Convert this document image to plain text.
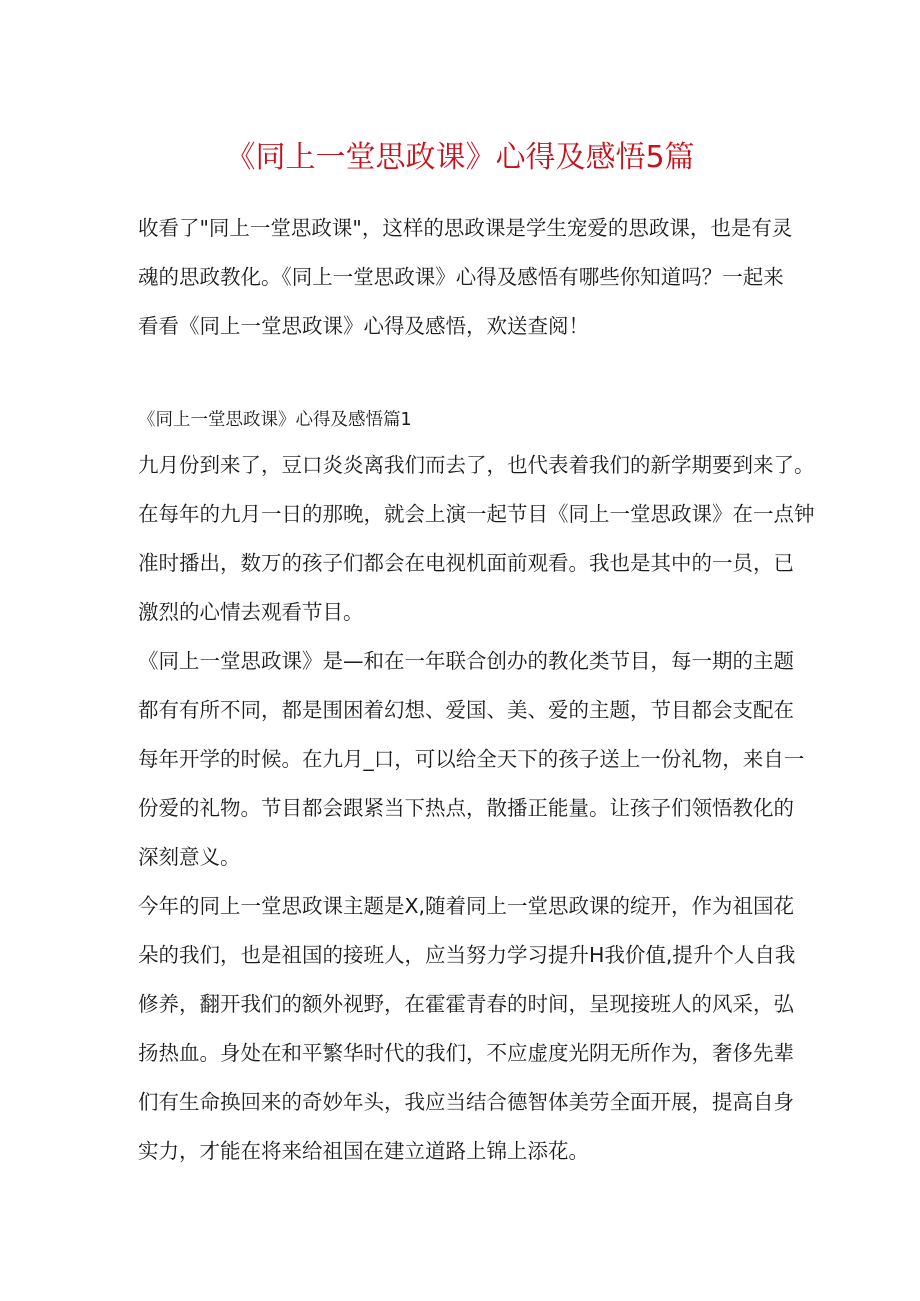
《同上一堂思政课》心得及感悟5篇
收看了"同上一堂思政课"，这样的思政课是学生宠爱的思政课，也是有灵
魂的思政教化。《同上一堂思政课》心得及感悟有哪些你知道吗？一起来
看看《同上一堂思政课》心得及感悟，欢送查阅！
《同上一堂思政课》心得及感悟篇1
九月份到来了，豆口炎炎离我们而去了，也代表着我们的新学期要到来了。
在每年的九月一日的那晚，就会上演一起节目《同上一堂思政课》在一点钟
准时播出，数万的孩子们都会在电视机面前观看。我也是其中的一员，已
激烈的心情去观看节目。
《同上一堂思政课》是—和在一年联合创办的教化类节目，每一期的主题
都有有所不同，都是围困着幻想、爱国、美、爱的主题，节目都会支配在
每年开学的时候。在九月_口，可以给全天下的孩子送上一份礼物，来自一
份爱的礼物。节目都会跟紧当下热点，散播正能量。让孩子们领悟教化的
深刻意义。
今年的同上一堂思政课主题是X,随着同上一堂思政课的绽开，作为祖国花
朵的我们，也是祖国的接班人，应当努力学习提升H我价值,提升个人自我
修养，翻开我们的额外视野，在霍霍青春的时间，呈现接班人的风采，弘
扬热血。身处在和平繁华时代的我们，不应虚度光阴无所作为，奢侈先辈
们有生命换回来的奇妙年头，我应当结合德智体美劳全面开展，提高自身
实力，才能在将来给祖国在建立道路上锦上添花。
